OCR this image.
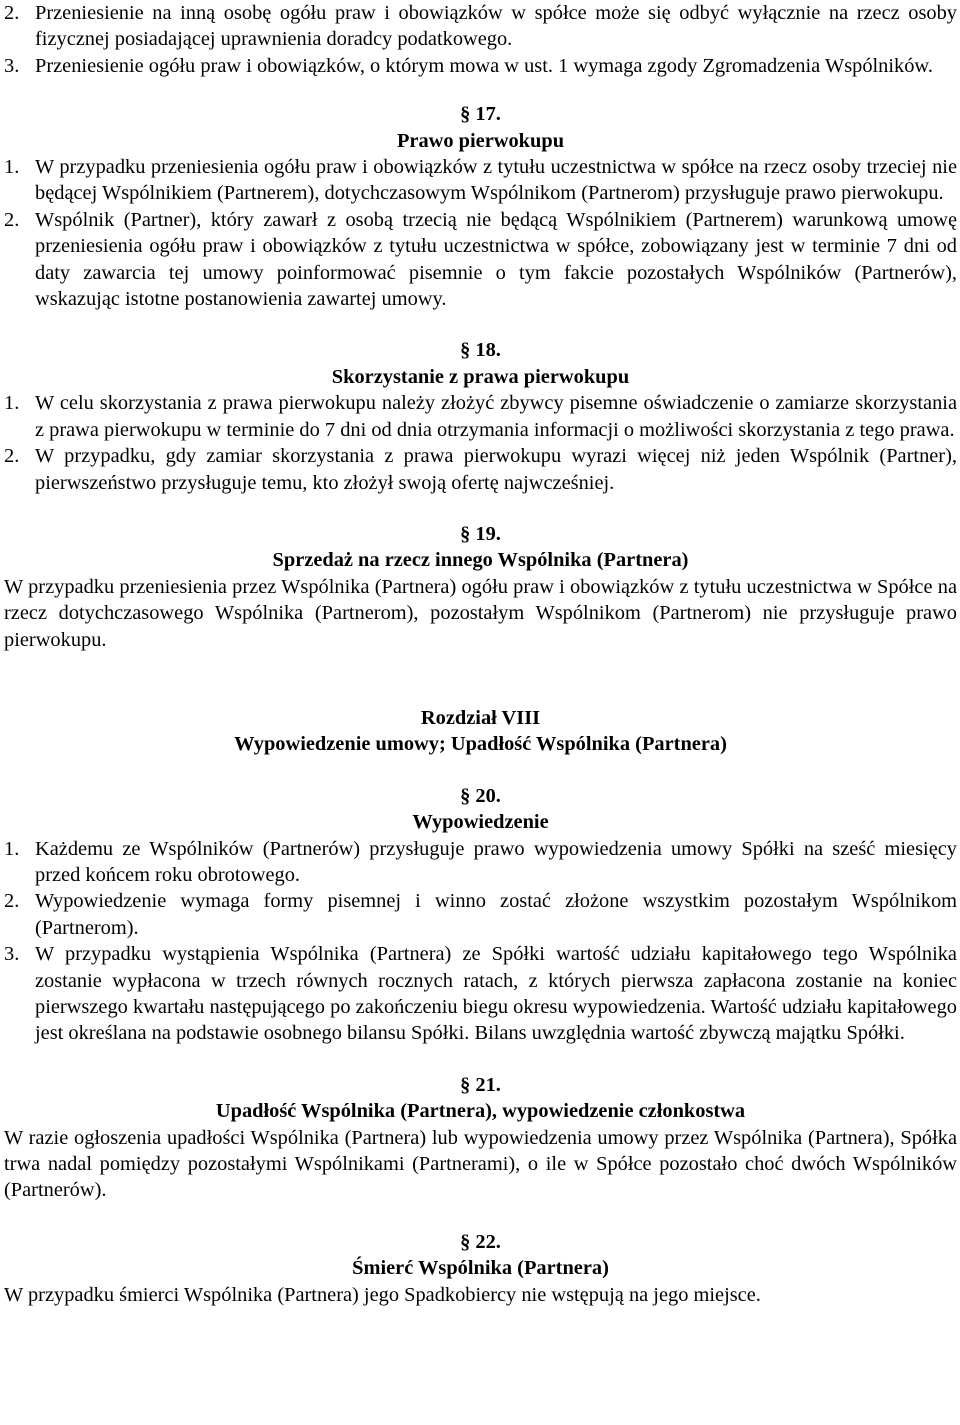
2. Przeniesienie na inną osobę ogółu praw i obowiązków w spółce może się odbyć wyłącznie na rzecz osoby fizycznej posiadającej uprawnienia doradcy podatkowego.

3. Przeniesienie ogółu praw i obowiązków, o którym mowa w ust. 1 wymaga zgody Zgromadzenia Wspólników.

§ 17.

Prawo pierwokupu

1. W przypadku przeniesienia ogółu praw i obowiązków z tytułu uczestnictwa w spółce na rzecz osoby trzeciej nie będącej Wspólnikiem (Partnerem), dotychczasowym Wspólnikom (Partnerom) przysługuje prawo pierwokupu.

2. Wspólnik (Partner), który zawarł z osobą trzecią nie będącą Wspólnikiem (Partnerem) warunkową umowę przeniesienia ogółu praw i obowiązków z tytułu uczestnictwa w spółce, zobowiązany jest w terminie 7 dni od daty zawarcia tej umowy poinformować pisemnie o tym fakcie pozostałych Wspólników (Partnerów), wskazując istotne postanowienia zawartej umowy.

§ 18.

Skorzystanie z prawa pierwokupu

1. W celu skorzystania z prawa pierwokupu należy złożyć zbywcy pisemne oświadczenie o zamiarze skorzystania z prawa pierwokupu w terminie do 7 dni od dnia otrzymania informacji o możliwości skorzystania z tego prawa.

2. W przypadku, gdy zamiar skorzystania z prawa pierwokupu wyrazi więcej niż jeden Wspólnik (Partner), pierwszeństwo przysługuje temu, kto złożył swoją ofertę najwcześniej.

§ 19.

Sprzedaż na rzecz innego Wspólnika (Partnera)

W przypadku przeniesienia przez Wspólnika (Partnera) ogółu praw i obowiązków z tytułu uczestnictwa w Spółce na rzecz dotychczasowego Wspólnika (Partnerom), pozostałym Wspólnikom (Partnerom) nie przysługuje prawo pierwokupu.

Rozdział VIII

Wypowiedzenie umowy; Upadłość Wspólnika (Partnera)

§ 20.

Wypowiedzenie

1. Każdemu ze Wspólników (Partnerów) przysługuje prawo wypowiedzenia umowy Spółki na sześć miesięcy przed końcem roku obrotowego.

2. Wypowiedzenie wymaga formy pisemnej i winno zostać złożone wszystkim pozostałym Wspólnikom (Partnerom).

3. W przypadku wystąpienia Wspólnika (Partnera) ze Spółki wartość udziału kapitałowego tego Wspólnika zostanie wypłacona w trzech równych rocznych ratach, z których pierwsza zapłacona zostanie na koniec pierwszego kwartału następującego po zakończeniu biegu okresu wypowiedzenia. Wartość udziału kapitałowego jest określana na podstawie osobnego bilansu Spółki. Bilans uwzględnia wartość zbywczą majątku Spółki.

§ 21.

Upadłość Wspólnika (Partnera), wypowiedzenie członkostwa

W razie ogłoszenia upadłości Wspólnika (Partnera) lub wypowiedzenia umowy przez Wspólnika (Partnera), Spółka trwa nadal pomiędzy pozostałymi Wspólnikami (Partnerami), o ile w Spółce pozostało choć dwóch Wspólników (Partnerów).

§ 22.

Śmierć Wspólnika (Partnera)

W przypadku śmierci Wspólnika (Partnera) jego Spadkobiercy nie wstępują na jego miejsce.
